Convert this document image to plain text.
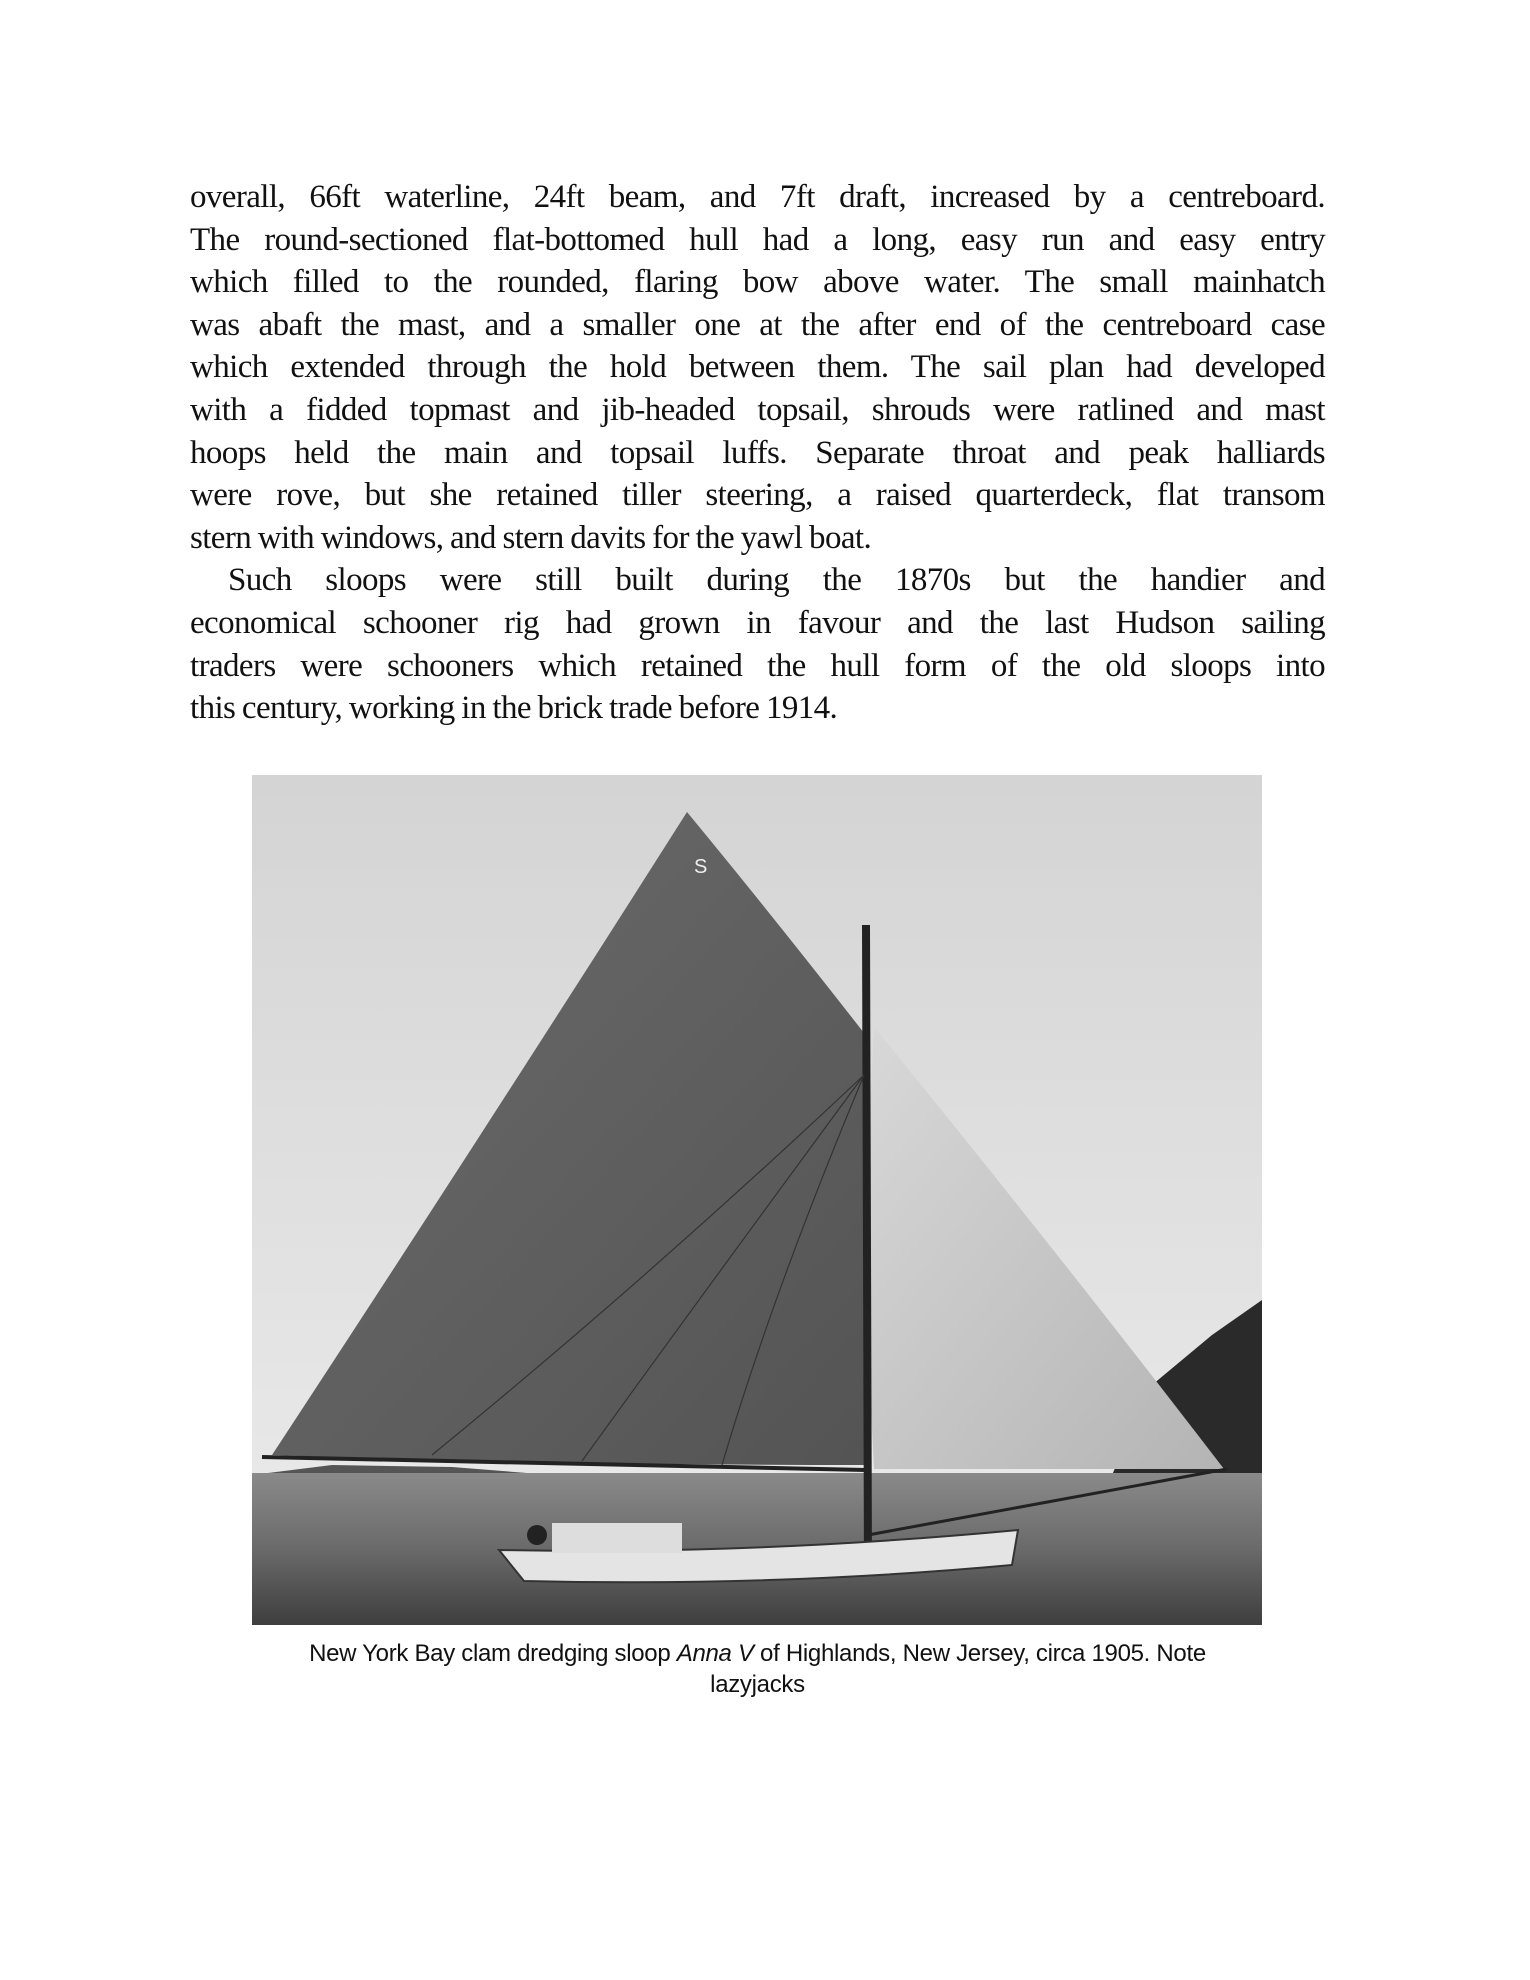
overall, 66ft waterline, 24ft beam, and 7ft draft, increased by a centreboard.
The round-sectioned flat-bottomed hull had a long, easy run and easy entry
which filled to the rounded, flaring bow above water. The small mainhatch
was abaft the mast, and a smaller one at the after end of the centreboard case
which extended through the hold between them. The sail plan had developed
with a fidded topmast and jib-headed topsail, shrouds were ratlined and mast
hoops held the main and topsail luffs. Separate throat and peak halliards
were rove, but she retained tiller steering, a raised quarterdeck, flat transom
stern with windows, and stern davits for the yawl boat.
Such sloops were still built during the 1870s but the handier and
economical schooner rig had grown in favour and the last Hudson sailing
traders were schooners which retained the hull form of the old sloops into
this century, working in the brick trade before 1914.
S
New York Bay clam dredging sloop Anna V of Highlands, New Jersey, circa 1905. Note
lazyjacks
